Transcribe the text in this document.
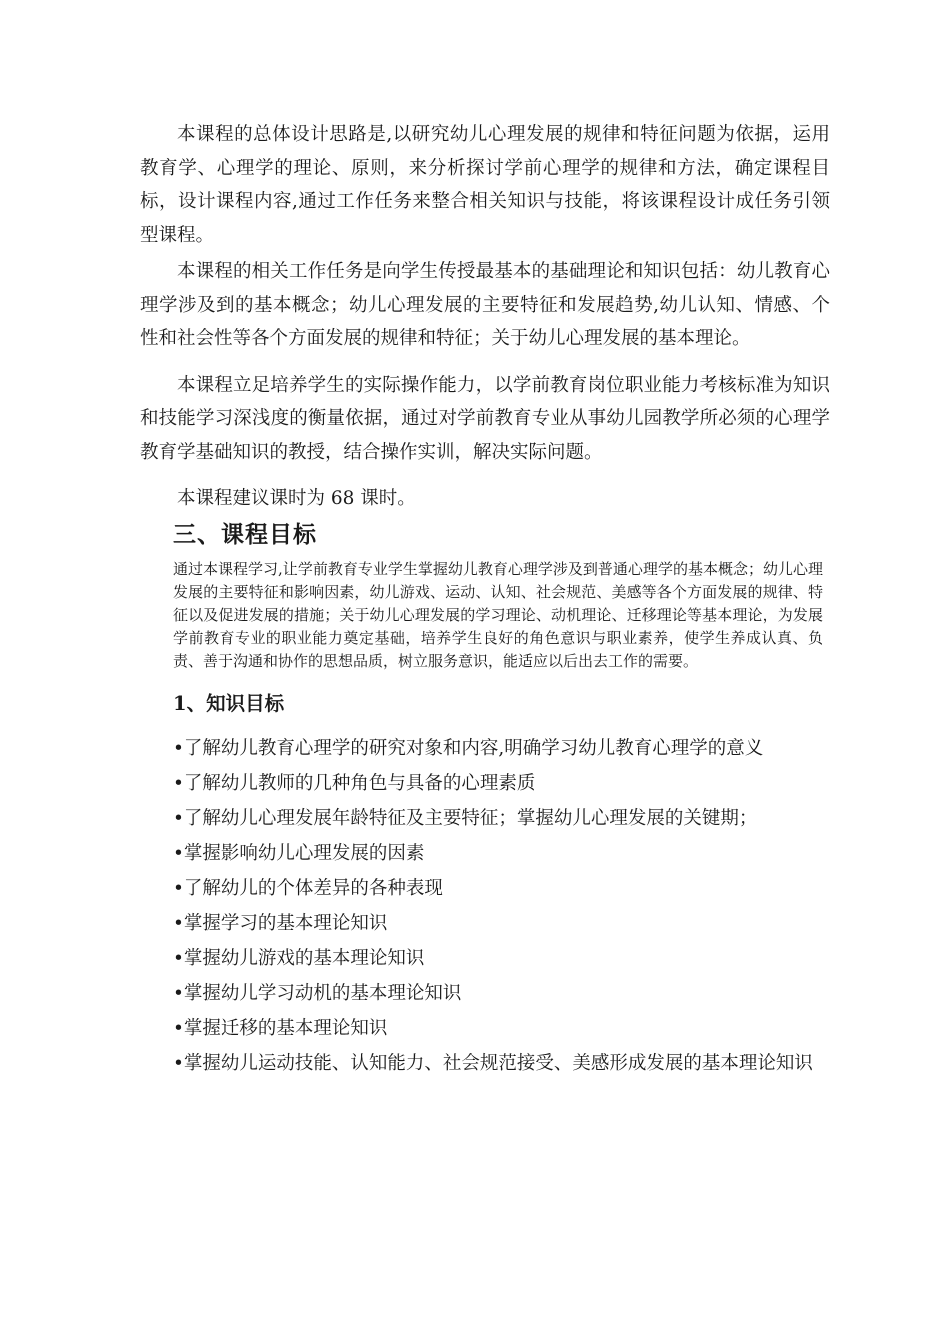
本课程的总体设计思路是,以研究幼儿心理发展的规律和特征问题为依据，运用教育学、心理学的理论、原则，来分析探讨学前心理学的规律和方法，确定课程目标，设计课程内容,通过工作任务来整合相关知识与技能，将该课程设计成任务引领型课程。

本课程的相关工作任务是向学生传授最基本的基础理论和知识包括：幼儿教育心理学涉及到的基本概念；幼儿心理发展的主要特征和发展趋势,幼儿认知、情感、个性和社会性等各个方面发展的规律和特征；关于幼儿心理发展的基本理论。

本课程立足培养学生的实际操作能力，以学前教育岗位职业能力考核标准为知识和技能学习深浅度的衡量依据，通过对学前教育专业从事幼儿园教学所必须的心理学教育学基础知识的教授，结合操作实训，解决实际问题。

本课程建议课时为 68 课时。

三、课程目标

通过本课程学习,让学前教育专业学生掌握幼儿教育心理学涉及到普通心理学的基本概念；幼儿心理发展的主要特征和影响因素，幼儿游戏、运动、认知、社会规范、美感等各个方面发展的规律、特征以及促进发展的措施；关于幼儿心理发展的学习理论、动机理论、迁移理论等基本理论，为发展学前教育专业的职业能力奠定基础，培养学生良好的角色意识与职业素养，使学生养成认真、负责、善于沟通和协作的思想品质，树立服务意识，能适应以后出去工作的需要。

1、知识目标
•了解幼儿教育心理学的研究对象和内容,明确学习幼儿教育心理学的意义
•了解幼儿教师的几种角色与具备的心理素质
•了解幼儿心理发展年龄特征及主要特征；掌握幼儿心理发展的关键期；
•掌握影响幼儿心理发展的因素
•了解幼儿的个体差异的各种表现
•掌握学习的基本理论知识
•掌握幼儿游戏的基本理论知识
•掌握幼儿学习动机的基本理论知识
•掌握迁移的基本理论知识
•掌握幼儿运动技能、认知能力、社会规范接受、美感形成发展的基本理论知识
